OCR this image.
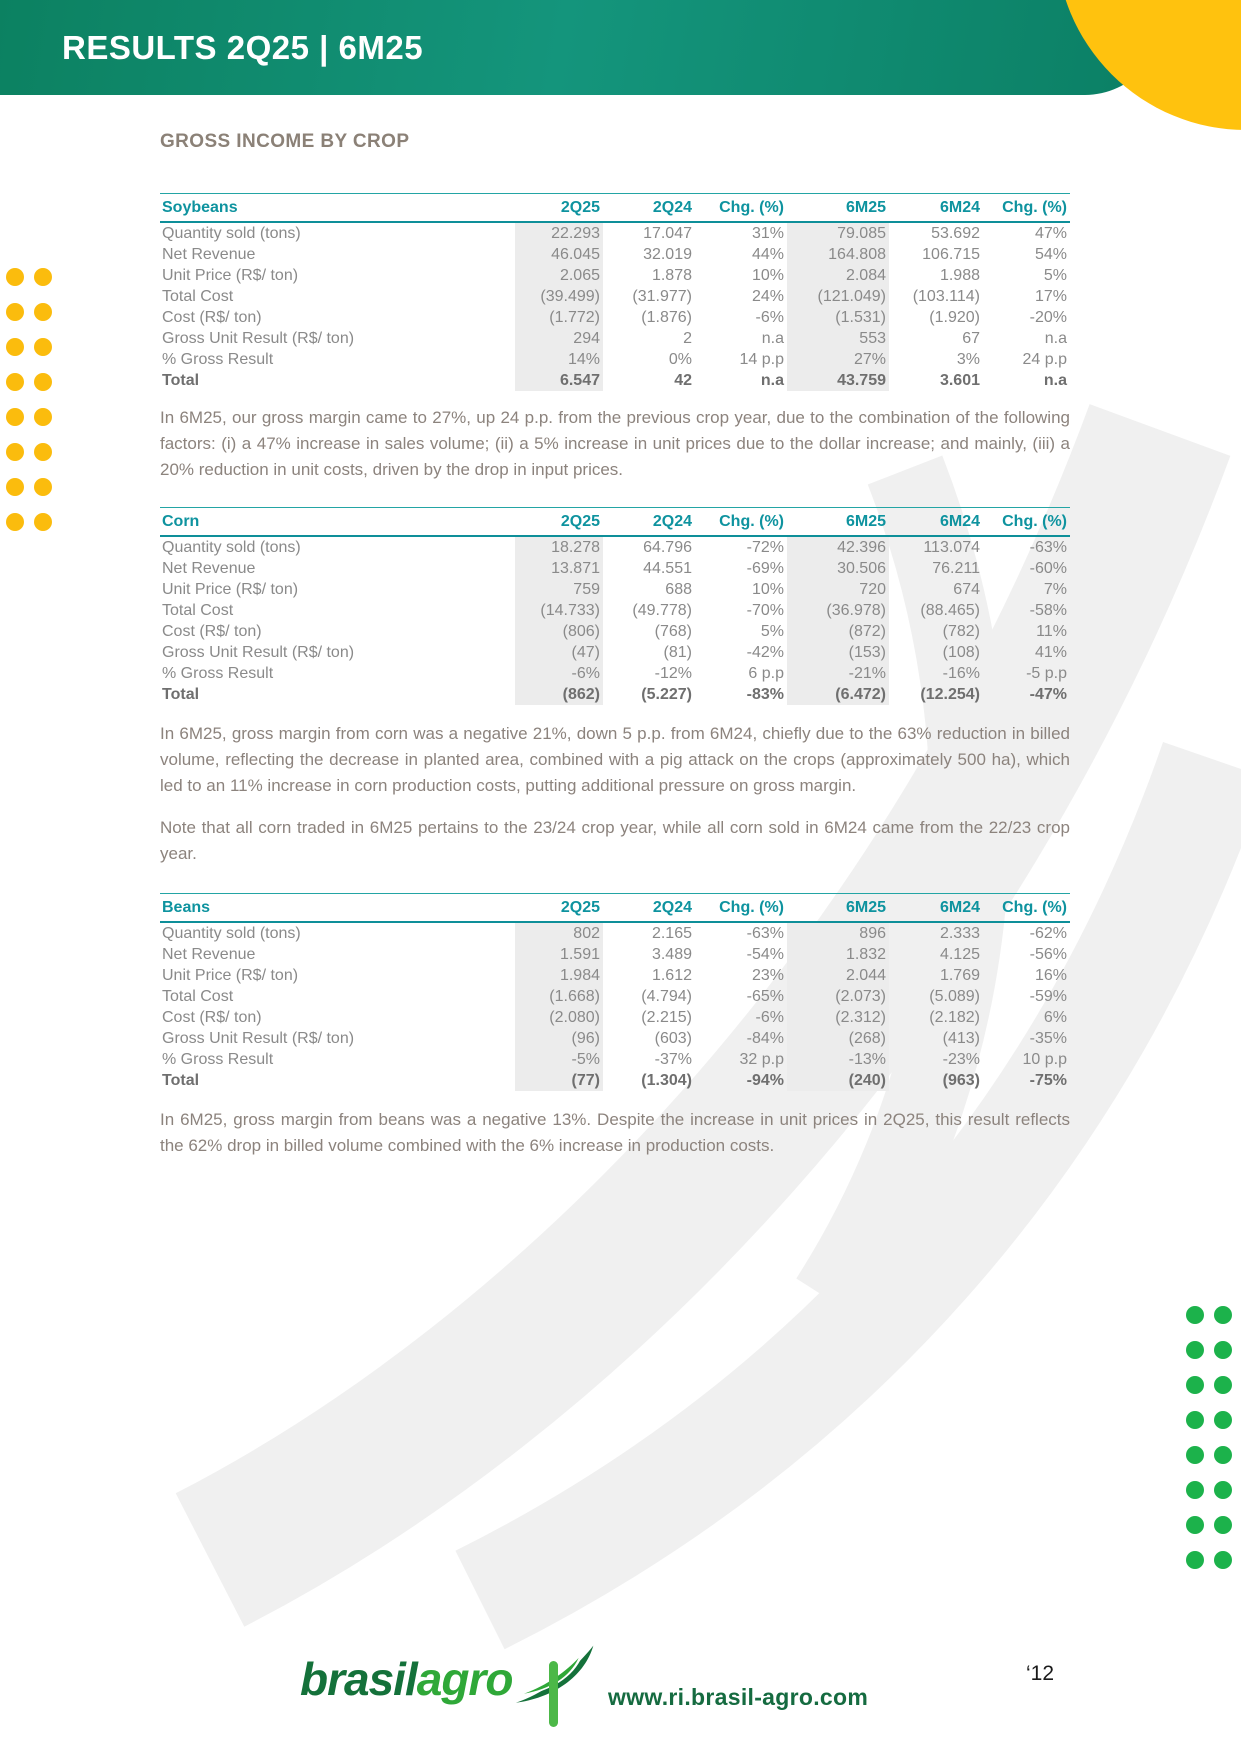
RESULTS 2Q25 | 6M25
GROSS INCOME BY CROP
Soybeans	2Q25	2Q24	Chg. (%)	6M25	6M24	Chg. (%)
Quantity sold (tons)	22.293	17.047	31%	79.085	53.692	47%
Net Revenue	46.045	32.019	44%	164.808	106.715	54%
Unit Price (R$/ ton)	2.065	1.878	10%	2.084	1.988	5%
Total Cost	(39.499)	(31.977)	24%	(121.049)	(103.114)	17%
Cost (R$/ ton)	(1.772)	(1.876)	-6%	(1.531)	(1.920)	-20%
Gross Unit Result (R$/ ton)	294	2	n.a	553	67	n.a
% Gross Result	14%	0%	14 p.p	27%	3%	24 p.p
Total	6.547	42	n.a	43.759	3.601	n.a

In 6M25, our gross margin came to 27%, up 24 p.p. from the previous crop year, due to the combination of the following factors: (i) a 47% increase in sales volume; (ii) a 5% increase in unit prices due to the dollar increase; and mainly, (iii) a 20% reduction in unit costs, driven by the drop in input prices.

Corn	2Q25	2Q24	Chg. (%)	6M25	6M24	Chg. (%)
Quantity sold (tons)	18.278	64.796	-72%	42.396	113.074	-63%
Net Revenue	13.871	44.551	-69%	30.506	76.211	-60%
Unit Price (R$/ ton)	759	688	10%	720	674	7%
Total Cost	(14.733)	(49.778)	-70%	(36.978)	(88.465)	-58%
Cost (R$/ ton)	(806)	(768)	5%	(872)	(782)	11%
Gross Unit Result (R$/ ton)	(47)	(81)	-42%	(153)	(108)	41%
% Gross Result	-6%	-12%	6 p.p	-21%	-16%	-5 p.p
Total	(862)	(5.227)	-83%	(6.472)	(12.254)	-47%

In 6M25, gross margin from corn was a negative 21%, down 5 p.p. from 6M24, chiefly due to the 63% reduction in billed volume, reflecting the decrease in planted area, combined with a pig attack on the crops (approximately 500 ha), which led to an 11% increase in corn production costs, putting additional pressure on gross margin.

Note that all corn traded in 6M25 pertains to the 23/24 crop year, while all corn sold in 6M24 came from the 22/23 crop year.

Beans	2Q25	2Q24	Chg. (%)	6M25	6M24	Chg. (%)
Quantity sold (tons)	802	2.165	-63%	896	2.333	-62%
Net Revenue	1.591	3.489	-54%	1.832	4.125	-56%
Unit Price (R$/ ton)	1.984	1.612	23%	2.044	1.769	16%
Total Cost	(1.668)	(4.794)	-65%	(2.073)	(5.089)	-59%
Cost (R$/ ton)	(2.080)	(2.215)	-6%	(2.312)	(2.182)	6%
Gross Unit Result (R$/ ton)	(96)	(603)	-84%	(268)	(413)	-35%
% Gross Result	-5%	-37%	32 p.p	-13%	-23%	10 p.p
Total	(77)	(1.304)	-94%	(240)	(963)	-75%

In 6M25, gross margin from beans was a negative 13%. Despite the increase in unit prices in 2Q25, this result reflects the 62% drop in billed volume combined with the 6% increase in production costs.

brasilagro	www.ri.brasil-agro.com
‘12
